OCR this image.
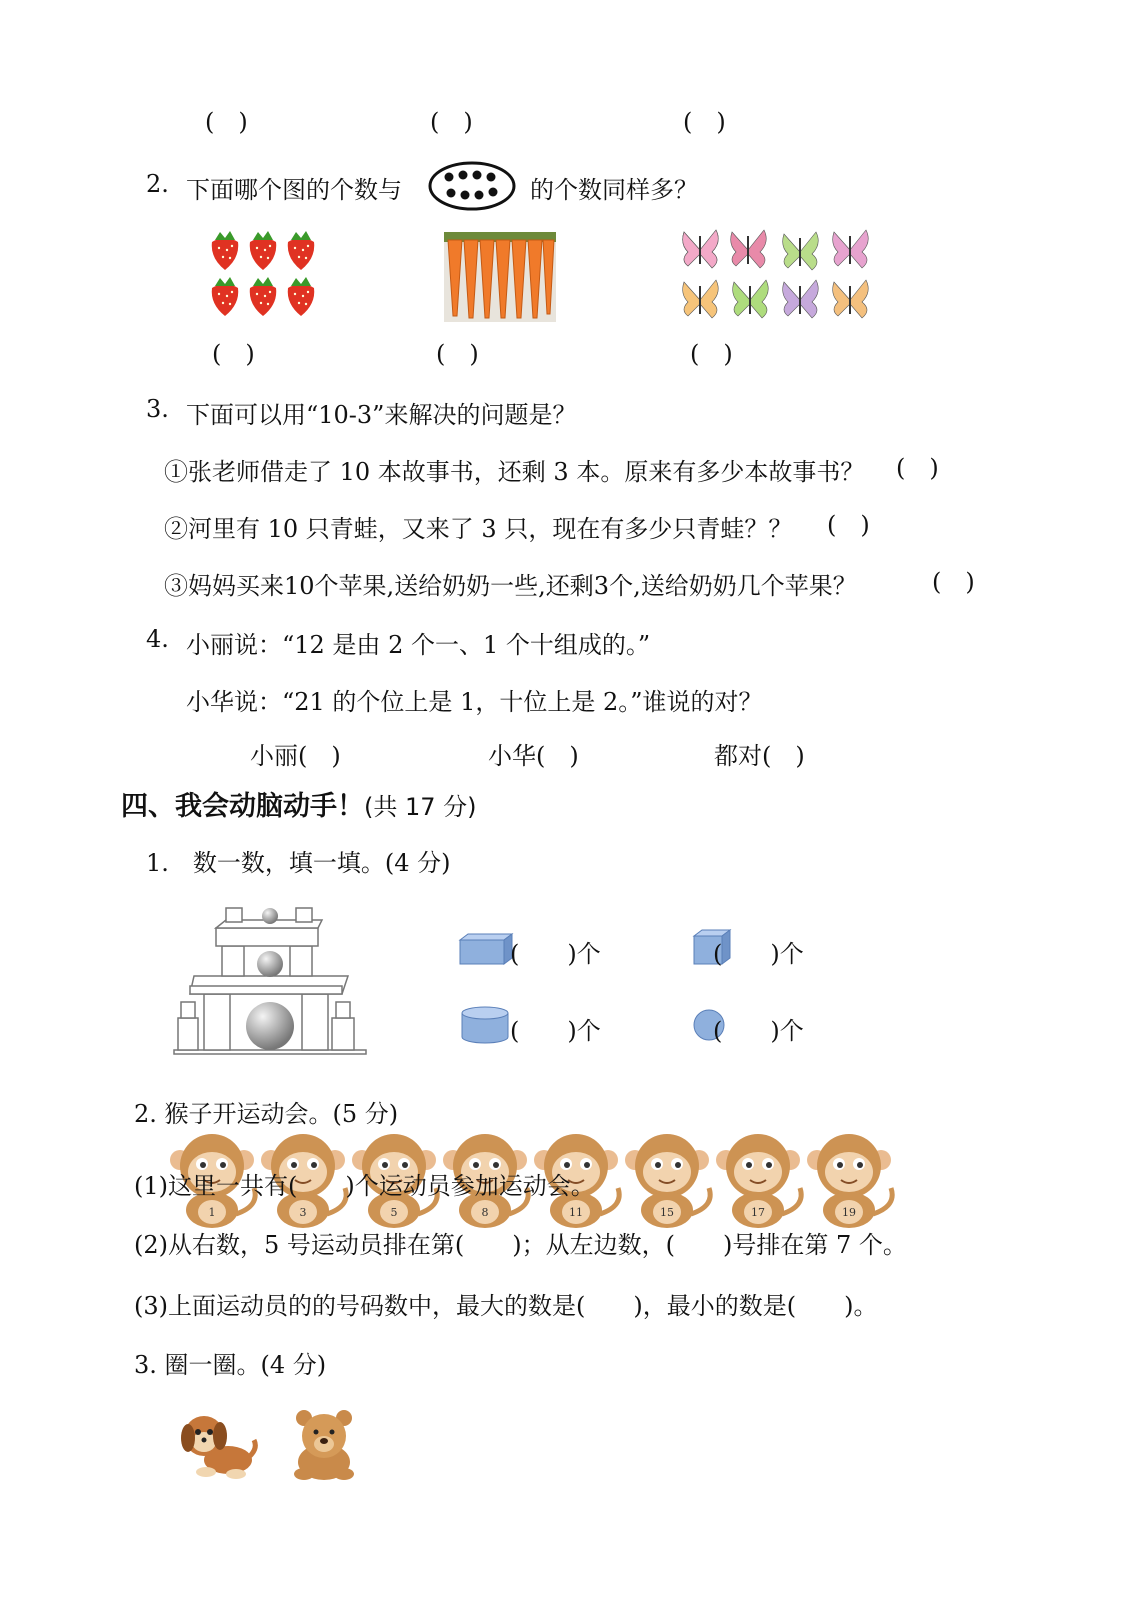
(　)	(　)	(　)
2. 下面哪个图的个数与	的个数同样多？
(　)	(　)	(　)
3. 下面可以用“10-3”来解决的问题是？
①张老师借走了 10 本故事书，还剩 3 本。原来有多少本故事书？ (　)
②河里有 10 只青蛙，又来了 3 只，现在有多少只青蛙？？ (　)
③妈妈买来10个苹果,送给奶奶一些,还剩3个,送给奶奶几个苹果？	(　)
4. 小丽说：“12 是由 2 个一、1 个十组成的。”
小华说：“21 的个位上是 1，十位上是 2。”谁说的对？
小丽(　)	小华(　)	都对(　)
四、我会动脑动手！(共 17 分)
1.　数一数，填一填。(4 分)
(　　)个	(　　)个
(　　)个	(　　)个
2. 猴子开运动会。(5 分)
1	3	5	8	11	15	17	19
(1)这里一共有(　　)个运动员参加运动会。
(2)从右数，5 号运动员排在第(　　)；从左边数，(　　)号排在第 7 个。
(3)上面运动员的的号码数中，最大的数是(　　)，最小的数是(　　)。
3. 圈一圈。(4 分)
